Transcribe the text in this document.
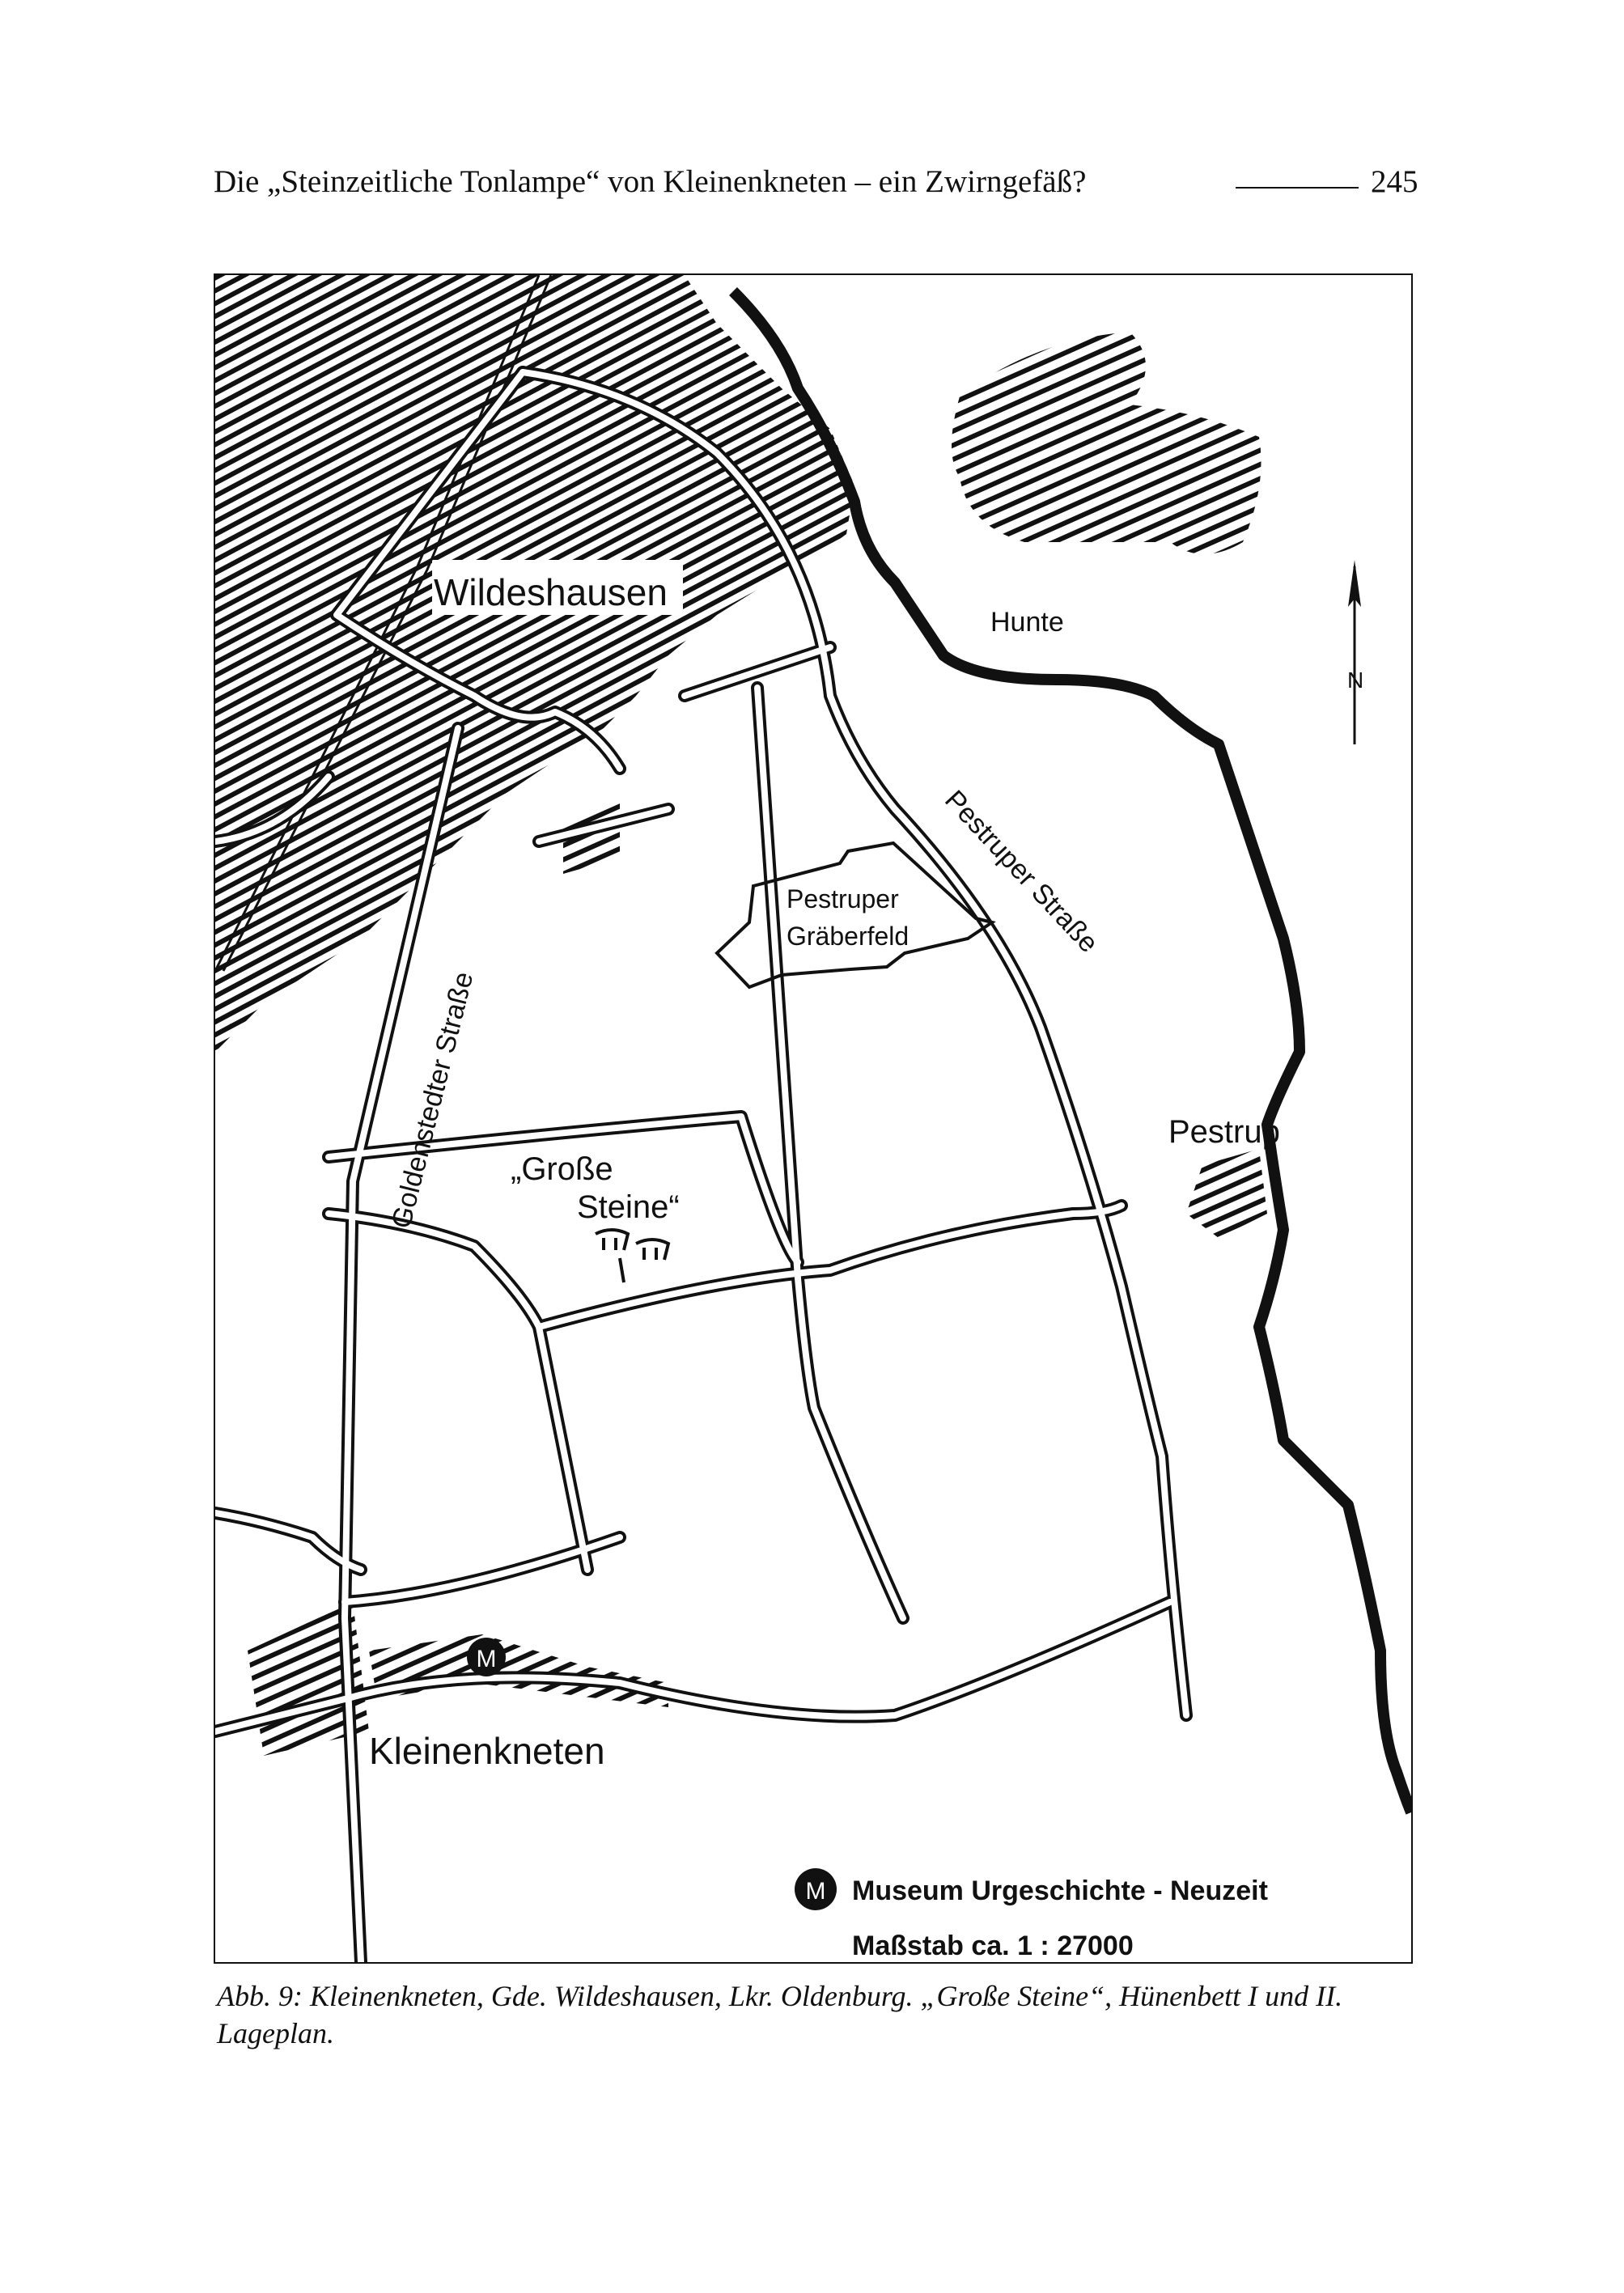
Die „Steinzeitliche Tonlampe“ von Kleinenkneten – ein Zwirngefäß?	245
Wildeshausen
Hunte
N
Pestruper Straße
Pestruper
Gräberfeld
Goldenstedter Straße „Große
Steine“
Pestrup
Kleinenkneten
M
M Museum Urgeschichte - Neuzeit
Maßstab ca. 1 : 27000
Abb. 9: Kleinenkneten, Gde. Wildeshausen, Lkr. Oldenburg. „Große Steine“, Hünenbett I und II. Lageplan.
